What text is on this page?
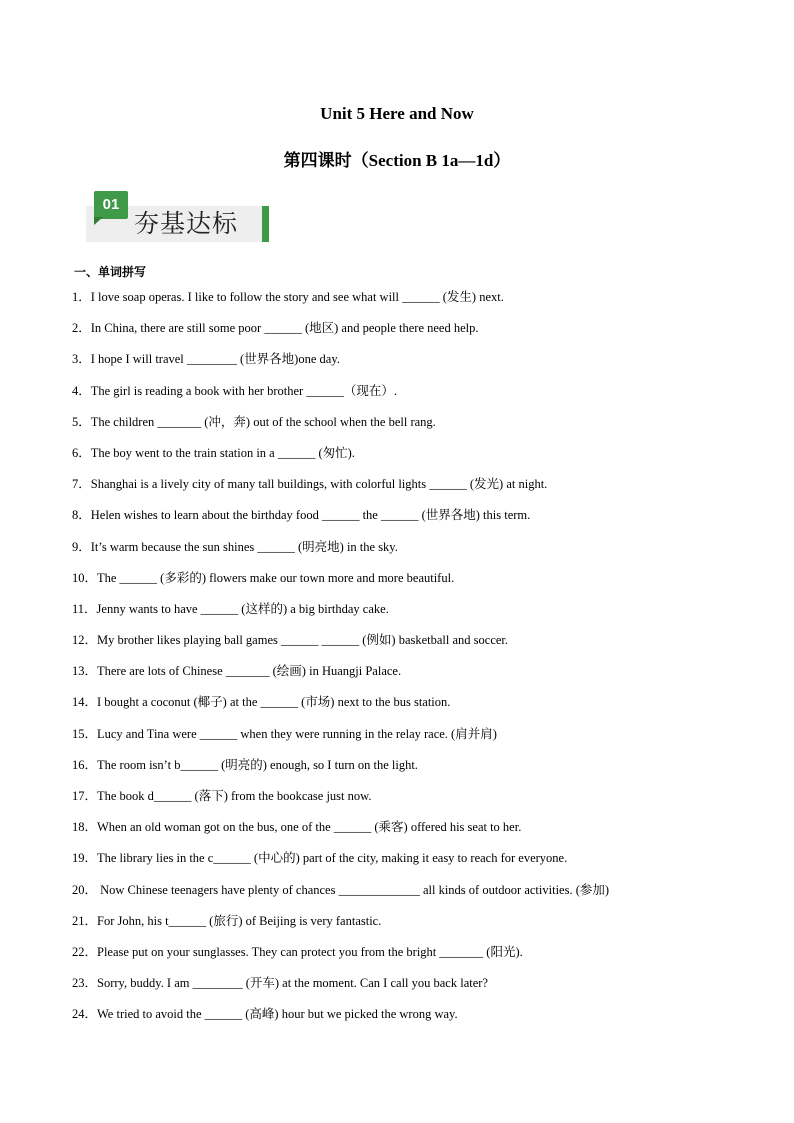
Unit 5 Here and Now
第四课时（Section B 1a—1d）
01
夯基达标
一、单词拼写
1．I love soap operas. I like to follow the story and see what will ______ (发生) next.
2．In China, there are still some poor ______ (地区) and people there need help.
3．I hope I will travel ________ (世界各地)one day.
4．The girl is reading a book with her brother ______（现在）.
5．The children _______ (冲，奔) out of the school when the bell rang.
6．The boy went to the train station in a ______ (匆忙).
7．Shanghai is a lively city of many tall buildings, with colorful lights ______ (发光) at night.
8．Helen wishes to learn about the birthday food ______ the ______ (世界各地) this term.
9．It’s warm because the sun shines ______ (明亮地) in the sky.
10．The ______ (多彩的) flowers make our town more and more beautiful.
11．Jenny wants to have ______ (这样的) a big birthday cake.
12．My brother likes playing ball games ______ ______ (例如) basketball and soccer.
13．There are lots of Chinese _______ (绘画) in Huangji Palace.
14．I bought a coconut (椰子) at the ______ (市场) next to the bus station.
15．Lucy and Tina were ______ when they were running in the relay race. (肩并肩)
16．The room isn’t b______ (明亮的) enough, so I turn on the light.
17．The book d______ (落下) from the bookcase just now.
18．When an old woman got on the bus, one of the ______ (乘客) offered his seat to her.
19．The library lies in the c______ (中心的) part of the city, making it easy to reach for everyone.
20． Now Chinese teenagers have plenty of chances _____________ all kinds of outdoor activities. (参加)
21．For John, his t______ (旅行) of Beijing is very fantastic.
22．Please put on your sunglasses. They can protect you from the bright _______ (阳光).
23．Sorry, buddy. I am ________ (开车) at the moment. Can I call you back later?
24．We tried to avoid the ______ (高峰) hour but we picked the wrong way.
